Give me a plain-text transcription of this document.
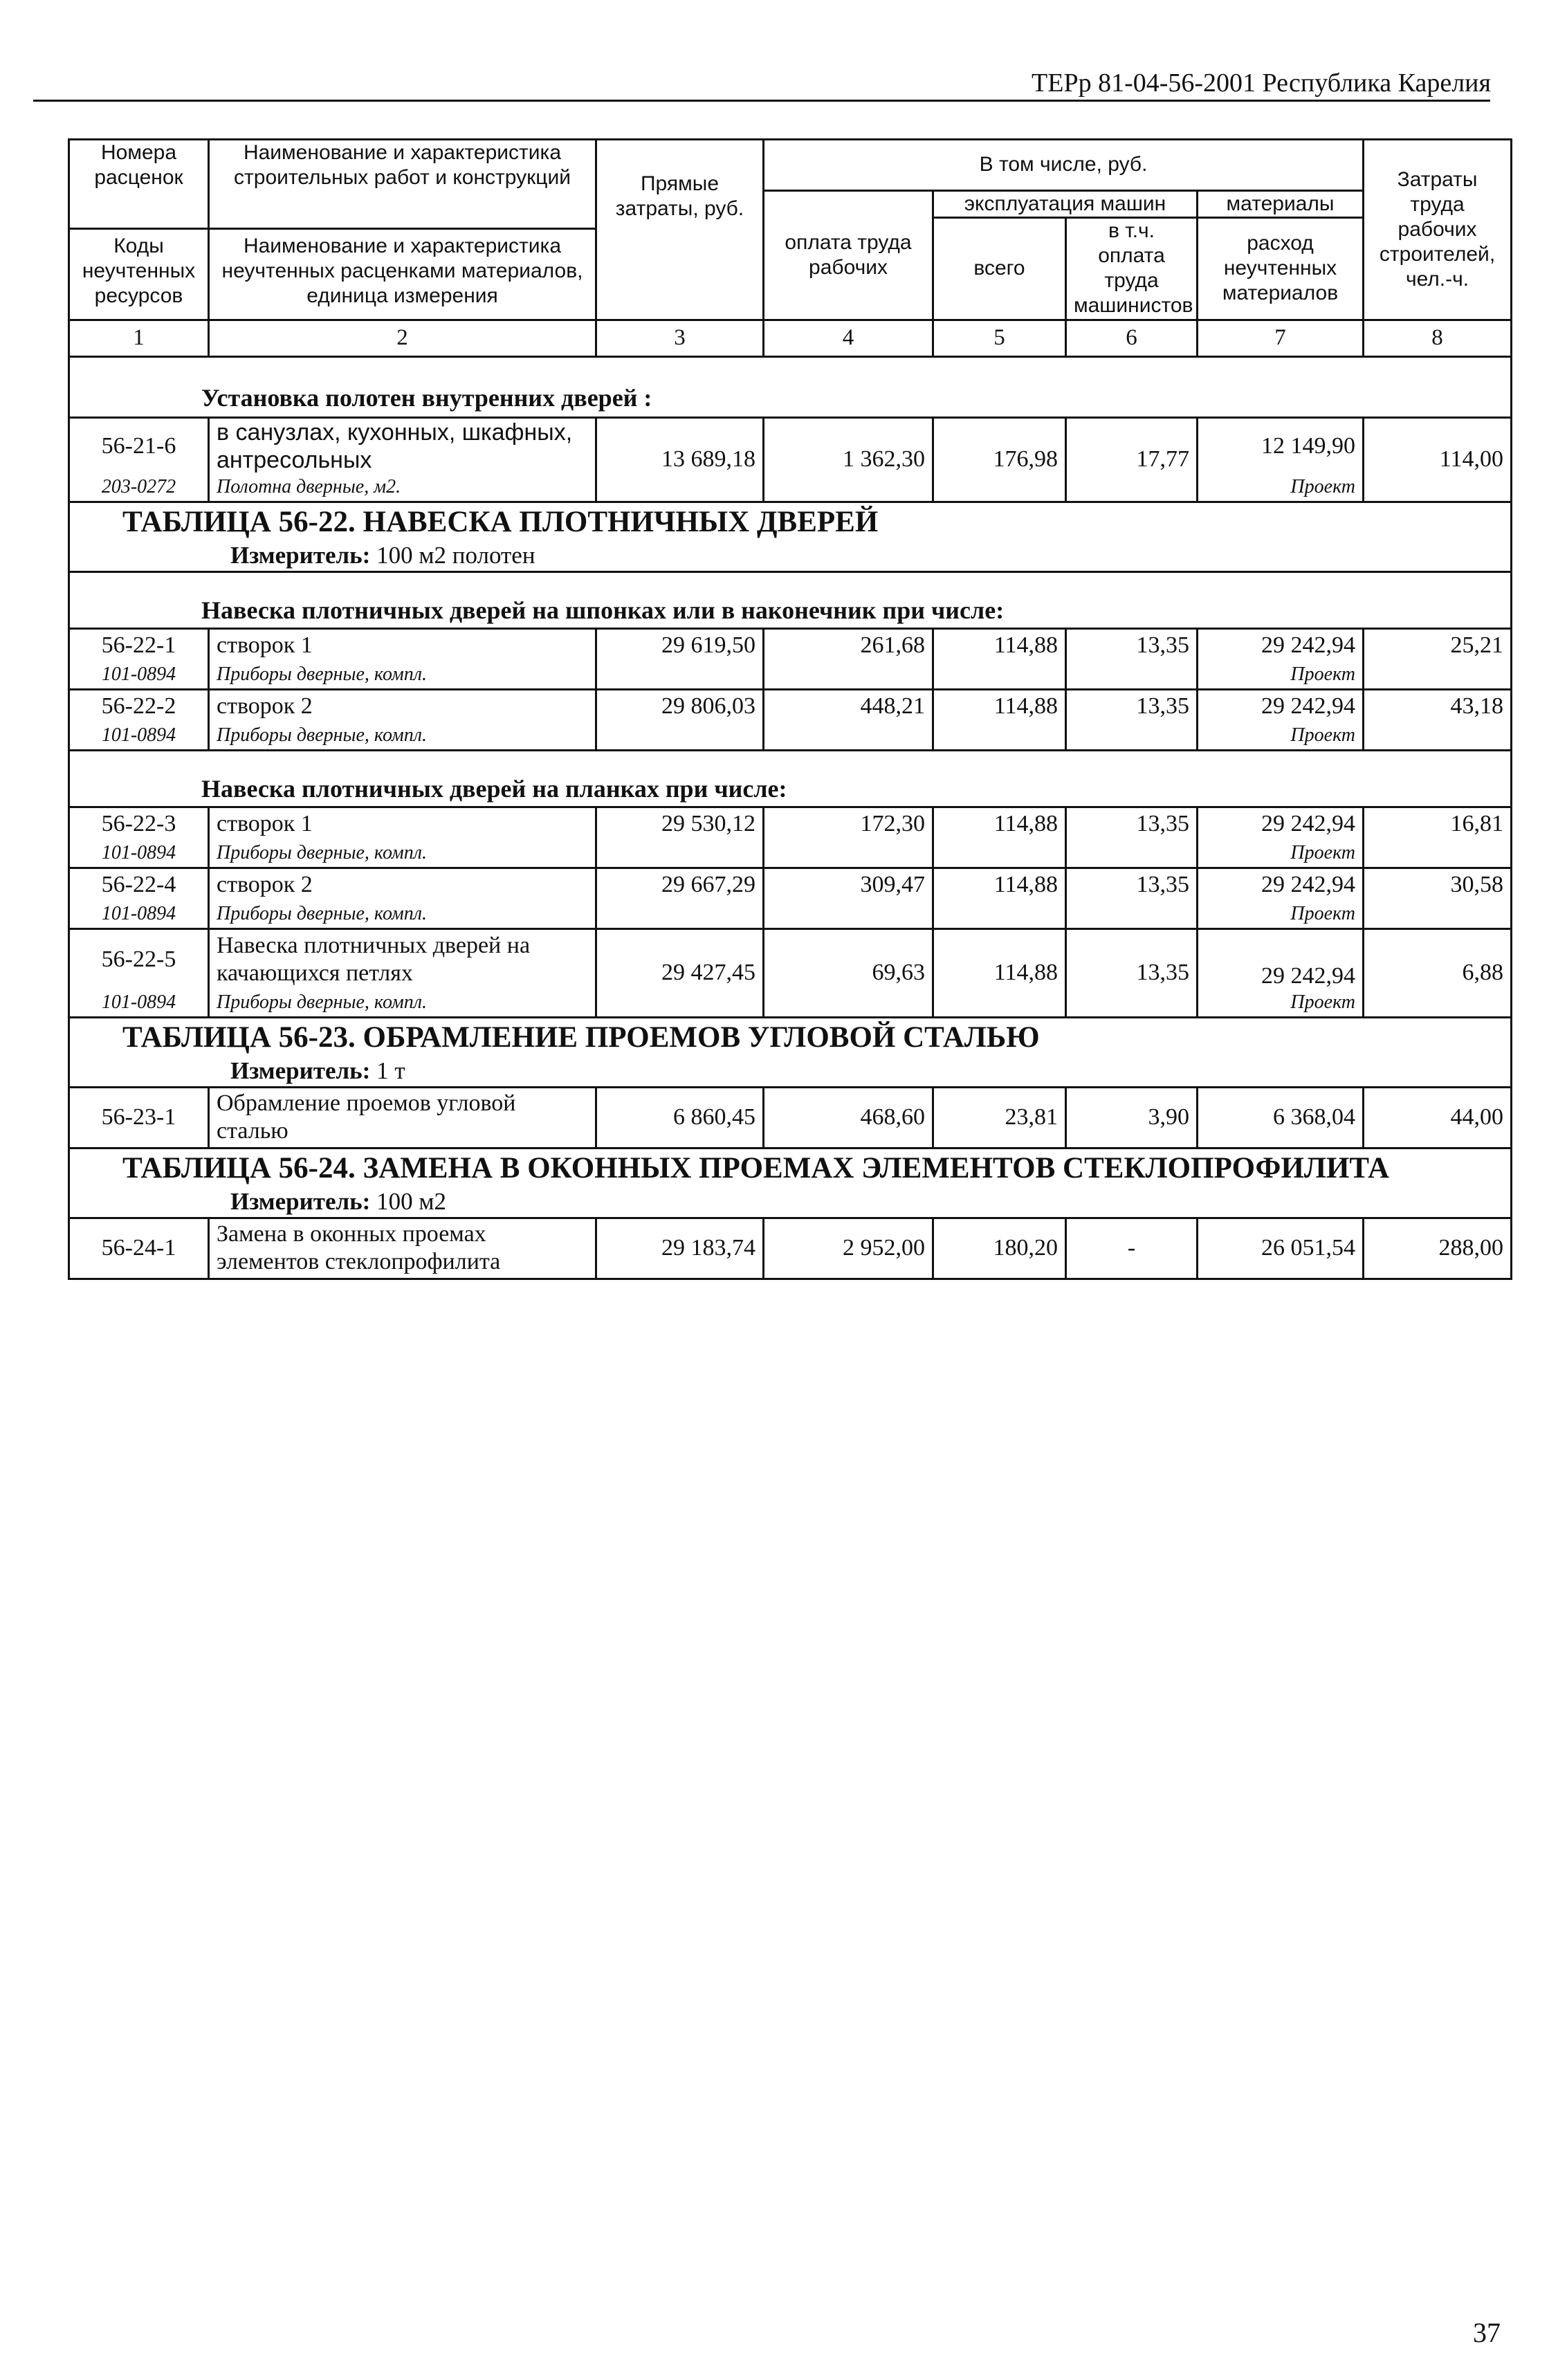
ТЕРр 81-04-56-2001 Республика Карелия
Номера расценок	Наименование и характеристика строительных работ и конструкций	Прямые затраты, руб.	В том числе, руб.				Затраты труда рабочих строителей, чел.-ч.
			оплата труда рабочих	эксплуатация машин		материалы	
				всего	в т.ч. оплата труда машинистов	расход неучтенных материалов	
Коды неучтенных ресурсов	Наименование и характеристика неучтенных расценками материалов, единица измерения						

1	2	3	4	5	6	7	8

Установка полотен внутренних дверей :							

56-21-6	в санузлах, кухонных, шкафных, антресольных	13 689,18	1 362,30	176,98	17,77	12 149,90	114,00
203-0272	Полотна дверные, м2.					Проект	

ТАБЛИЦА 56-22. НАВЕСКА ПЛОТНИЧНЫХ ДВЕРЕЙ
Измеритель: 100 м2 полотен							

Навеска плотничных дверей на шпонках или в наконечник при числе:							

56-22-1	створок 1	29 619,50	261,68	114,88	13,35	29 242,94	25,21
101-0894	Приборы дверные, компл.					Проект	
56-22-2	створок 2	29 806,03	448,21	114,88	13,35	29 242,94	43,18
101-0894	Приборы дверные, компл.					Проект	

Навеска плотничных дверей на планках при числе:							

56-22-3	створок 1	29 530,12	172,30	114,88	13,35	29 242,94	16,81
101-0894	Приборы дверные, компл.					Проект	
56-22-4	створок 2	29 667,29	309,47	114,88	13,35	29 242,94	30,58
101-0894	Приборы дверные, компл.					Проект	
56-22-5	Навеска плотничных дверей на качающихся петлях	29 427,45	69,63	114,88	13,35	29 242,94	6,88
101-0894	Приборы дверные, компл.					Проект	

ТАБЛИЦА 56-23. ОБРАМЛЕНИЕ ПРОЕМОВ УГЛОВОЙ СТАЛЬЮ
Измеритель: 1 т							

56-23-1	Обрамление проемов угловой сталью	6 860,45	468,60	23,81	3,90	6 368,04	44,00

ТАБЛИЦА 56-24. ЗАМЕНА В ОКОННЫХ ПРОЕМАХ ЭЛЕМЕНТОВ СТЕКЛОПРОФИЛИТА
Измеритель: 100 м2							

56-24-1	Замена в оконных проемах элементов стеклопрофилита	29 183,74	2 952,00	180,20	-	26 051,54	288,00
37
